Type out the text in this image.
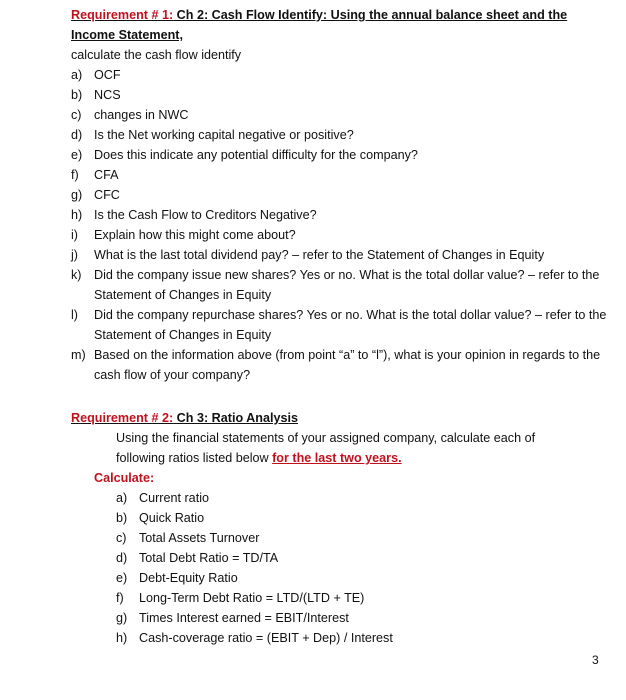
Requirement # 1: Ch 2: Cash Flow Identify: Using the annual balance sheet and the Income Statement,
calculate the cash flow identify
a) OCF
b) NCS
c) changes in NWC
d) Is the Net working capital negative or positive?
e) Does this indicate any potential difficulty for the company?
f) CFA
g) CFC
h) Is the Cash Flow to Creditors Negative?
i) Explain how this might come about?
j) What is the last total dividend pay? – refer to the Statement of Changes in Equity
k) Did the company issue new shares? Yes or no. What is the total dollar value? – refer to the Statement of Changes in Equity
l) Did the company repurchase shares? Yes or no. What is the total dollar value? – refer to the Statement of Changes in Equity
m) Based on the information above (from point “a” to “l”), what is your opinion in regards to the cash flow of your company?
Requirement # 2: Ch 3: Ratio Analysis
Using the financial statements of your assigned company, calculate each of following ratios listed below for the last two years.
Calculate:
a) Current ratio
b) Quick Ratio
c) Total Assets Turnover
d) Total Debt Ratio = TD/TA
e) Debt-Equity Ratio
f) Long-Term Debt Ratio = LTD/(LTD + TE)
g) Times Interest earned = EBIT/Interest
h) Cash-coverage ratio = (EBIT + Dep) / Interest
3
